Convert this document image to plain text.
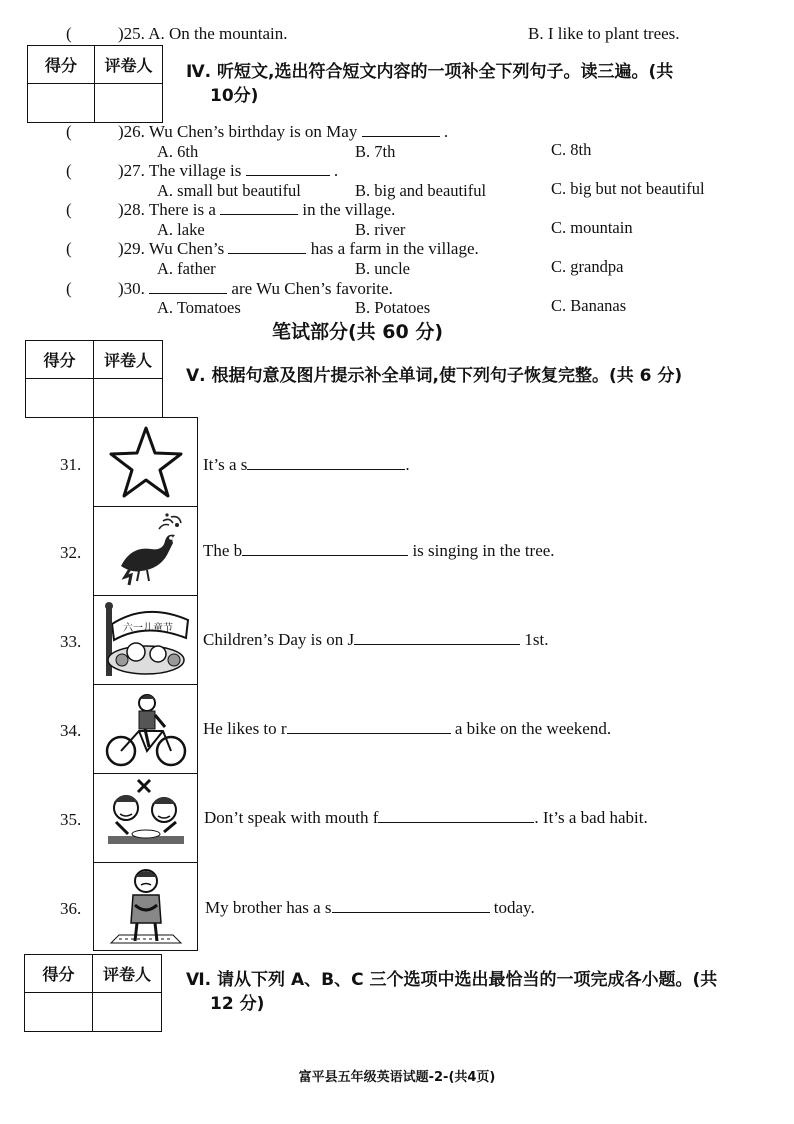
(	)25. A. On the mountain.	B. I like to plant trees.
得分	评卷人	Ⅳ. 听短文,选出符合短文内容的一项补全下列句子。读三遍。(共
10分)
(	)26. Wu Chen’s birthday is on May	.
A. 6th	B. 7th	C. 8th
(	)27. The village is	.
A. small but beautiful	B. big and beautiful	C. big but not beautiful
(	)28. There is a	in the village.
A. lake	B. river	C. mountain
(	)29. Wu Chen’s	has a farm in the village.
A. father	B. uncle	C. grandpa
(	)30.	are Wu Chen’s favorite.
A. Tomatoes	B. Potatoes	C. Bananas
笔试部分(共 60 分)
得分	评卷人
Ⅴ. 根据句意及图片提示补全单词,使下列句子恢复完整。(共 6 分)
六一儿童节
31.	It’s a s	.
32.	The b	is singing in the tree.
33.	Children’s Day is on J	1st.
34.	He likes to r	a bike on the weekend.
35.	Don’t speak with mouth f	. It’s a bad habit.
36.	My brother has a s	today.
得分	评卷人	Ⅵ. 请从下列 A、B、C 三个选项中选出最恰当的一项完成各小题。(共
12 分)
富平县五年级英语试题-2-(共4页)
